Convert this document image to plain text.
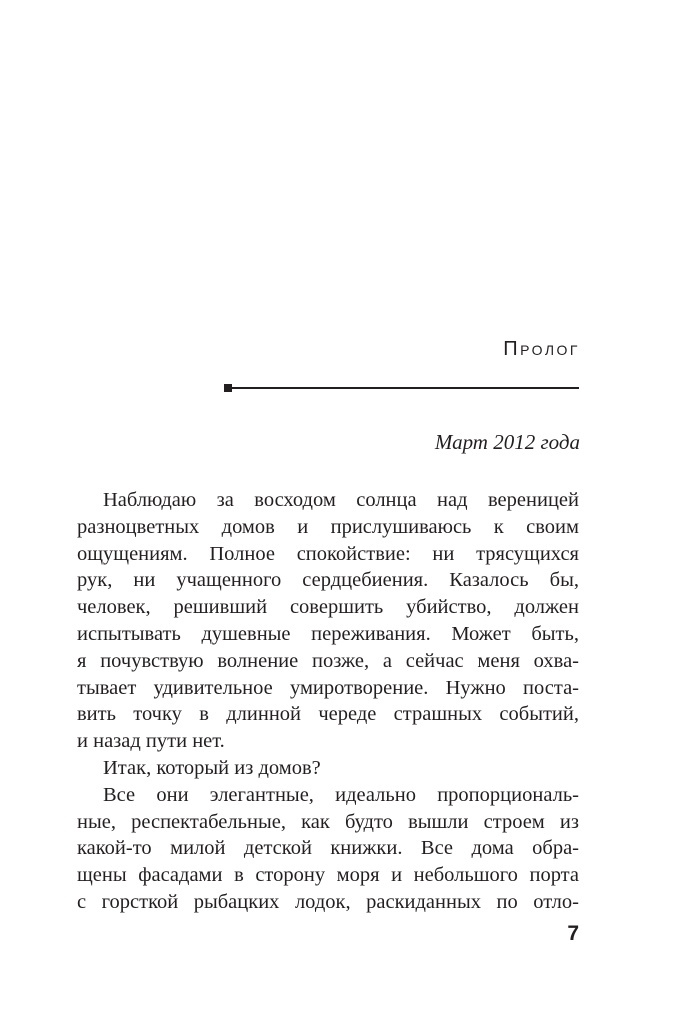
Пролог
Март 2012 года
Наблюдаю за восходом солнца над вереницей
разноцветных домов и прислушиваюсь к своим
ощущениям. Полное спокойствие: ни трясущихся
рук, ни учащенного сердцебиения. Казалось бы,
человек, решивший совершить убийство, должен
испытывать душевные переживания. Может быть,
я почувствую волнение позже, а сейчас меня охва-
тывает удивительное умиротворение. Нужно поста-
вить точку в длинной череде страшных событий,
и назад пути нет.
Итак, который из домов?
Все они элегантные, идеально пропорциональ-
ные, респектабельные, как будто вышли строем из
какой-то милой детской книжки. Все дома обра-
щены фасадами в сторону моря и небольшого порта
с горсткой рыбацких лодок, раскиданных по отло-
7
